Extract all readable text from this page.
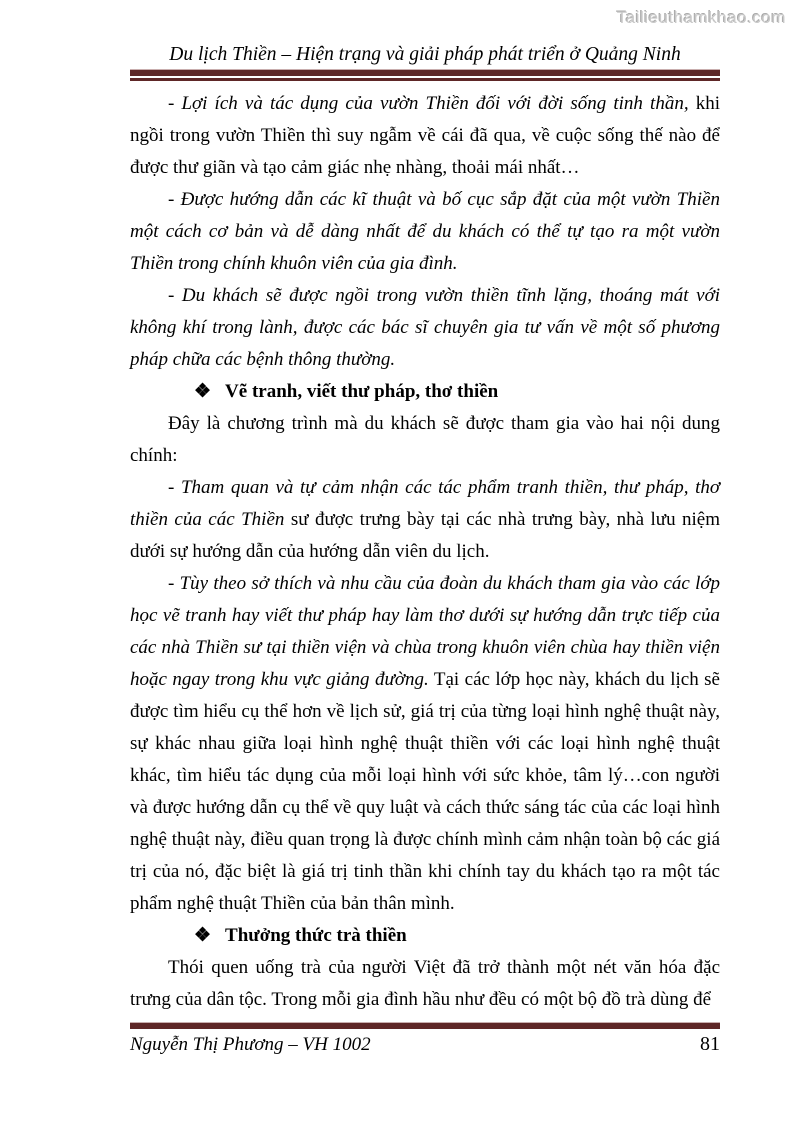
Tailieuthamkhao.com
Du lịch Thiền – Hiện trạng và giải pháp phát triển ở Quảng Ninh

- Lợi ích và tác dụng của vườn Thiền đối với đời sống tinh thần, khi ngồi trong vườn Thiền thì suy ngẫm về cái đã qua, về cuộc sống thế nào để được thư giãn và tạo cảm giác nhẹ nhàng, thoải mái nhất…

- Được hướng dẫn các kĩ thuật và bố cục sắp đặt của một vườn Thiền một cách cơ bản và dễ dàng nhất để du khách có thể tự tạo ra một vườn Thiền trong chính khuôn viên của gia đình.

- Du khách sẽ được ngồi trong vườn thiền tĩnh lặng, thoáng mát với không khí trong lành, được các bác sĩ chuyên gia tư vấn về một số phương pháp chữa các bệnh thông thường.

❖ Vẽ tranh, viết thư pháp, thơ thiền

Đây là chương trình mà du khách sẽ được tham gia vào hai nội dung chính:

- Tham quan và tự cảm nhận các tác phẩm tranh thiền, thư pháp, thơ thiền của các Thiền sư được trưng bày tại các nhà trưng bày, nhà lưu niệm dưới sự hướng dẫn của hướng dẫn viên du lịch.

- Tùy theo sở thích và nhu cầu của đoàn du khách tham gia vào các lớp học vẽ tranh hay viết thư pháp hay làm thơ dưới sự hướng dẫn trực tiếp của các nhà Thiền sư tại thiền viện và chùa trong khuôn viên chùa hay thiền viện hoặc ngay trong khu vực giảng đường. Tại các lớp học này, khách du lịch sẽ được tìm hiểu cụ thể hơn về lịch sử, giá trị của từng loại hình nghệ thuật này, sự khác nhau giữa loại hình nghệ thuật thiền với các loại hình nghệ thuật khác, tìm hiểu tác dụng của mỗi loại hình với sức khỏe, tâm lý…con người và được hướng dẫn cụ thể về quy luật và cách thức sáng tác của các loại hình nghệ thuật này, điều quan trọng là được chính mình cảm nhận toàn bộ các giá trị của nó, đặc biệt là giá trị tinh thần khi chính tay du khách tạo ra một tác phẩm nghệ thuật Thiền của bản thân mình.

❖ Thưởng thức trà thiền

Thói quen uống trà của người Việt đã trở thành một nét văn hóa đặc trưng của dân tộc. Trong mỗi gia đình hầu như đều có một bộ đồ trà dùng để

Nguyễn Thị Phương – VH 1002	81
